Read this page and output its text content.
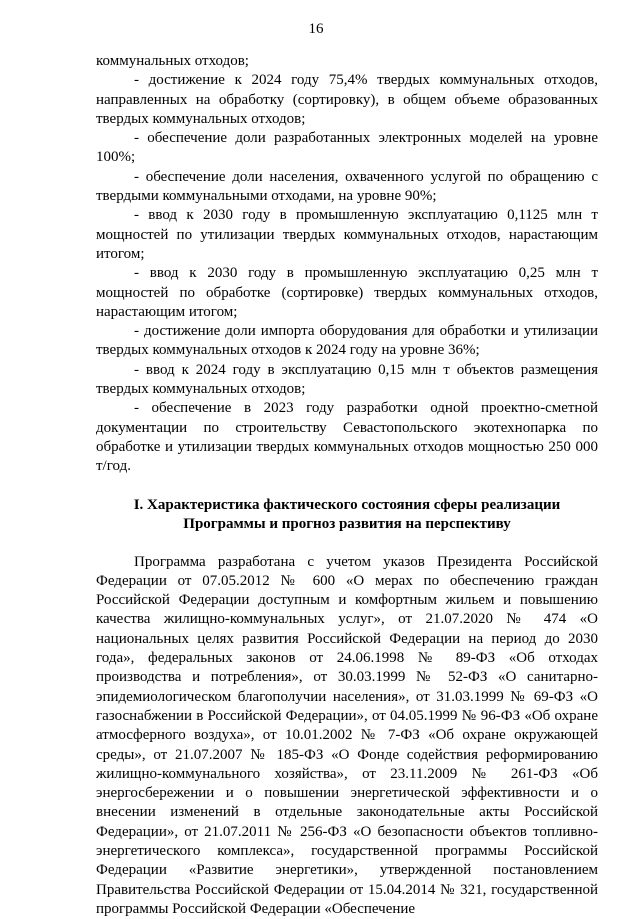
16

коммунальных отходов;

- достижение к 2024 году 75,4% твердых коммунальных отходов, направленных на обработку (сортировку), в общем объеме образованных твердых коммунальных отходов;

- обеспечение доли разработанных электронных моделей на уровне 100%;

- обеспечение доли населения, охваченного услугой по обращению с твердыми коммунальными отходами, на уровне 90%;

- ввод к 2030 году в промышленную эксплуатацию 0,1125 млн т мощностей по утилизации твердых коммунальных отходов, нарастающим итогом;

- ввод к 2030 году в промышленную эксплуатацию 0,25 млн т мощностей по обработке (сортировке) твердых коммунальных отходов, нарастающим итогом;

- достижение доли импорта оборудования для обработки и утилизации твердых коммунальных отходов к 2024 году на уровне 36%;

- ввод к 2024 году в эксплуатацию 0,15 млн т объектов размещения твердых коммунальных отходов;

- обеспечение в 2023 году разработки одной проектно-сметной документации по строительству Севастопольского экотехнопарка по обработке и утилизации твердых коммунальных отходов мощностью 250 000 т/год.

I. Характеристика фактического состояния сферы реализации
Программы и прогноз развития на перспективу

Программа разработана с учетом указов Президента Российской Федерации от 07.05.2012 № 600 «О мерах по обеспечению граждан Российской Федерации доступным и комфортным жильем и повышению качества жилищно-коммунальных услуг», от 21.07.2020 № 474 «О национальных целях развития Российской Федерации на период до 2030 года», федеральных законов от 24.06.1998 № 89-ФЗ «Об отходах производства и потребления», от 30.03.1999 № 52-ФЗ «О санитарно-эпидемиологическом благополучии населения», от 31.03.1999 № 69-ФЗ «О газоснабжении в Российской Федерации», от 04.05.1999 № 96-ФЗ «Об охране атмосферного воздуха», от 10.01.2002 № 7-ФЗ «Об охране окружающей среды», от 21.07.2007 № 185-ФЗ «О Фонде содействия реформированию жилищно-коммунального хозяйства», от 23.11.2009 № 261-ФЗ «Об энергосбережении и о повышении энергетической эффективности и о внесении изменений в отдельные законодательные акты Российской Федерации», от 21.07.2011 № 256-ФЗ «О безопасности объектов топливно-энергетического комплекса», государственной программы Российской Федерации «Развитие энергетики», утвержденной постановлением Правительства Российской Федерации от 15.04.2014 № 321, государственной программы Российской Федерации «Обеспечение
